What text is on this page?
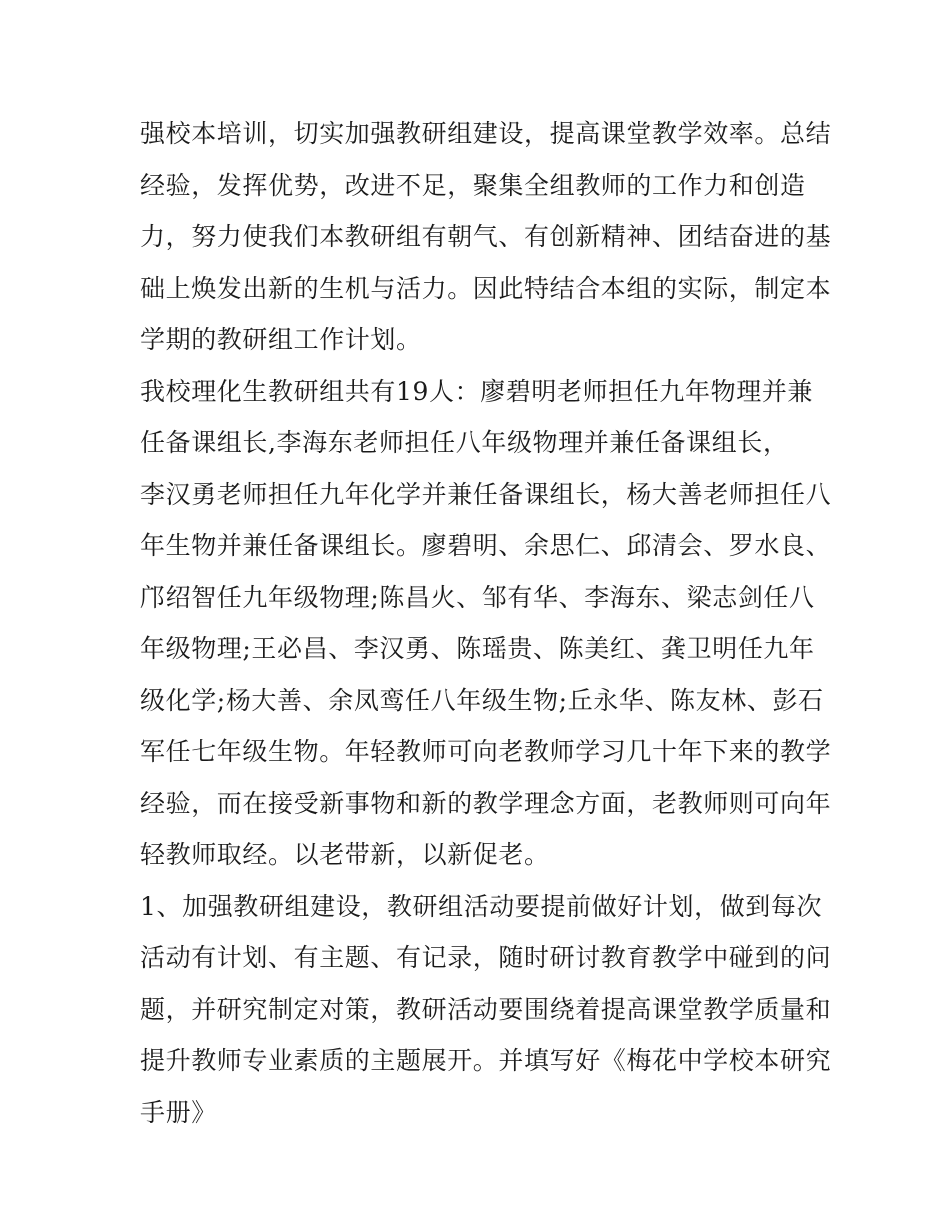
强校本培训，切实加强教研组建设，提高课堂教学效率。总结
经验，发挥优势，改进不足，聚集全组教师的工作力和创造
力，努力使我们本教研组有朝气、有创新精神、团结奋进的基
础上焕发出新的生机与活力。因此特结合本组的实际，制定本
学期的教研组工作计划。
我校理化生教研组共有19人：廖碧明老师担任九年物理并兼
任备课组长,李海东老师担任八年级物理并兼任备课组长，
李汉勇老师担任九年化学并兼任备课组长，杨大善老师担任八
年生物并兼任备课组长。廖碧明、余思仁、邱清会、罗水良、
邝绍智任九年级物理;陈昌火、邹有华、李海东、梁志剑任八
年级物理;王必昌、李汉勇、陈瑶贵、陈美红、龚卫明任九年
级化学;杨大善、余凤鸾任八年级生物;丘永华、陈友林、彭石
军任七年级生物。年轻教师可向老教师学习几十年下来的教学
经验，而在接受新事物和新的教学理念方面，老教师则可向年
轻教师取经。以老带新，以新促老。
1、加强教研组建设，教研组活动要提前做好计划，做到每次
活动有计划、有主题、有记录，随时研讨教育教学中碰到的问
题，并研究制定对策，教研活动要围绕着提高课堂教学质量和
提升教师专业素质的主题展开。并填写好《梅花中学校本研究
手册》
